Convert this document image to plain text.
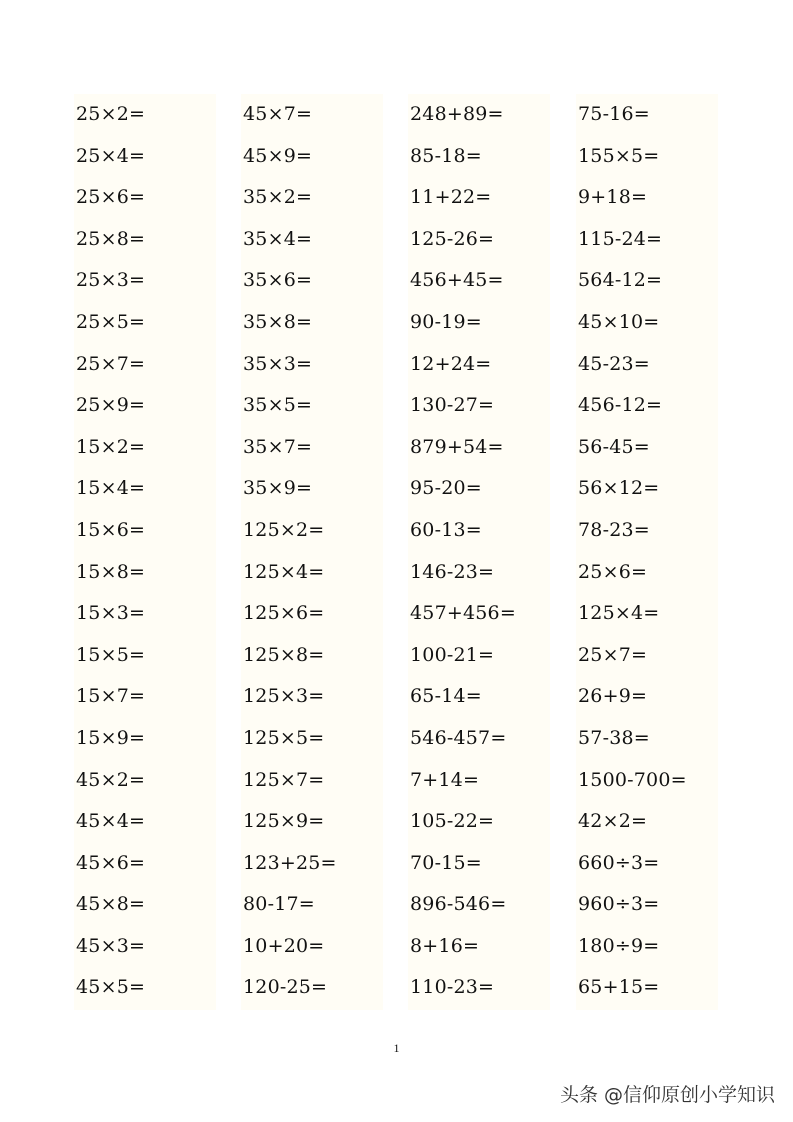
25×2=
25×4=
25×6=
25×8=
25×3=
25×5=
25×7=
25×9=
15×2=
15×4=
15×6=
15×8=
15×3=
15×5=
15×7=
15×9=
45×2=
45×4=
45×6=
45×8=
45×3=
45×5=
45×7=
45×9=
35×2=
35×4=
35×6=
35×8=
35×3=
35×5=
35×7=
35×9=
125×2=
125×4=
125×6=
125×8=
125×3=
125×5=
125×7=
125×9=
123+25=
80-17=
10+20=
120-25=
248+89=
85-18=
11+22=
125-26=
456+45=
90-19=
12+24=
130-27=
879+54=
95-20=
60-13=
146-23=
457+456=
100-21=
65-14=
546-457=
7+14=
105-22=
70-15=
896-546=
8+16=
110-23=
75-16=
155×5=
9+18=
115-24=
564-12=
45×10=
45-23=
456-12=
56-45=
56×12=
78-23=
25×6=
125×4=
25×7=
26+9=
57-38=
1500-700=
42×2=
660÷3=
960÷3=
180÷9=
65+15=
1
头条 @信仰原创小学知识
